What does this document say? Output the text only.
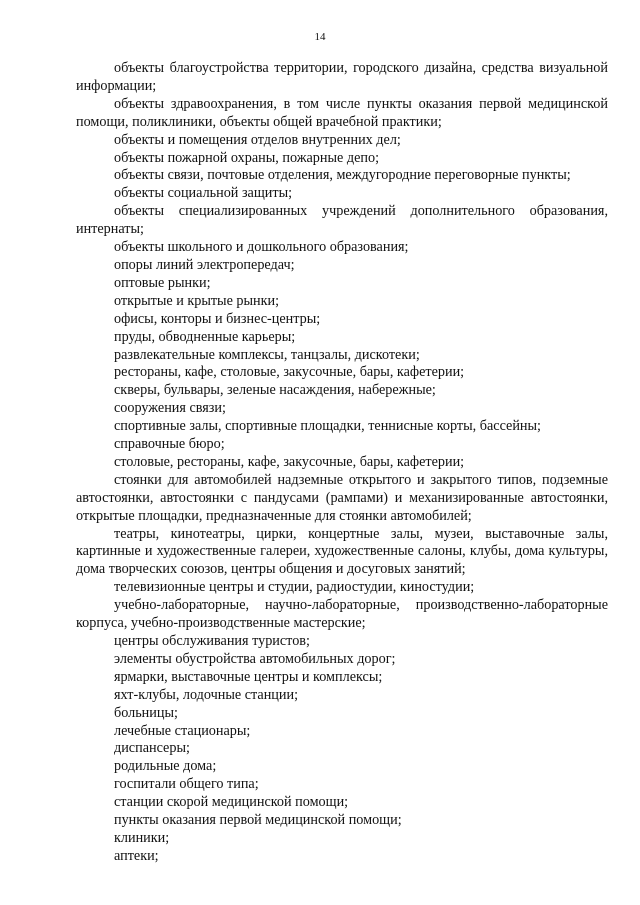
14

объекты благоустройства территории, городского дизайна, средства визуальной информации;

объекты здравоохранения, в том числе пункты оказания первой медицинской помощи, поликлиники, объекты общей врачебной практики;

объекты и помещения отделов внутренних дел;

объекты пожарной охраны, пожарные депо;

объекты связи, почтовые отделения, междугородние переговорные пункты;

объекты социальной защиты;

объекты специализированных учреждений дополнительного образования, интернаты;

объекты школьного и дошкольного образования;

опоры линий электропередач;

оптовые рынки;

открытые и крытые рынки;

офисы, конторы и бизнес-центры;

пруды, обводненные карьеры;

развлекательные комплексы, танцзалы, дискотеки;

рестораны, кафе, столовые, закусочные, бары, кафетерии;

скверы, бульвары, зеленые насаждения, набережные;

сооружения связи;

спортивные залы, спортивные площадки, теннисные корты, бассейны;

справочные бюро;

столовые, рестораны, кафе, закусочные, бары, кафетерии;

стоянки для автомобилей надземные открытого и закрытого типов, подземные автостоянки, автостоянки с пандусами (рампами) и механизированные автостоянки, открытые площадки, предназначенные для стоянки автомобилей;

театры, кинотеатры, цирки, концертные залы, музеи, выставочные залы, картинные и художественные галереи, художественные салоны, клубы, дома культуры, дома творческих союзов, центры общения и досуговых занятий;

телевизионные центры и студии, радиостудии, киностудии;

учебно-лабораторные, научно-лабораторные, производственно-лабораторные корпуса, учебно-производственные мастерские;

центры обслуживания туристов;

элементы обустройства автомобильных дорог;

ярмарки, выставочные центры и комплексы;

яхт-клубы, лодочные станции;

больницы;

лечебные стационары;

диспансеры;

родильные дома;

госпитали общего типа;

станции скорой медицинской помощи;

пункты оказания первой медицинской помощи;

клиники;

аптеки;
